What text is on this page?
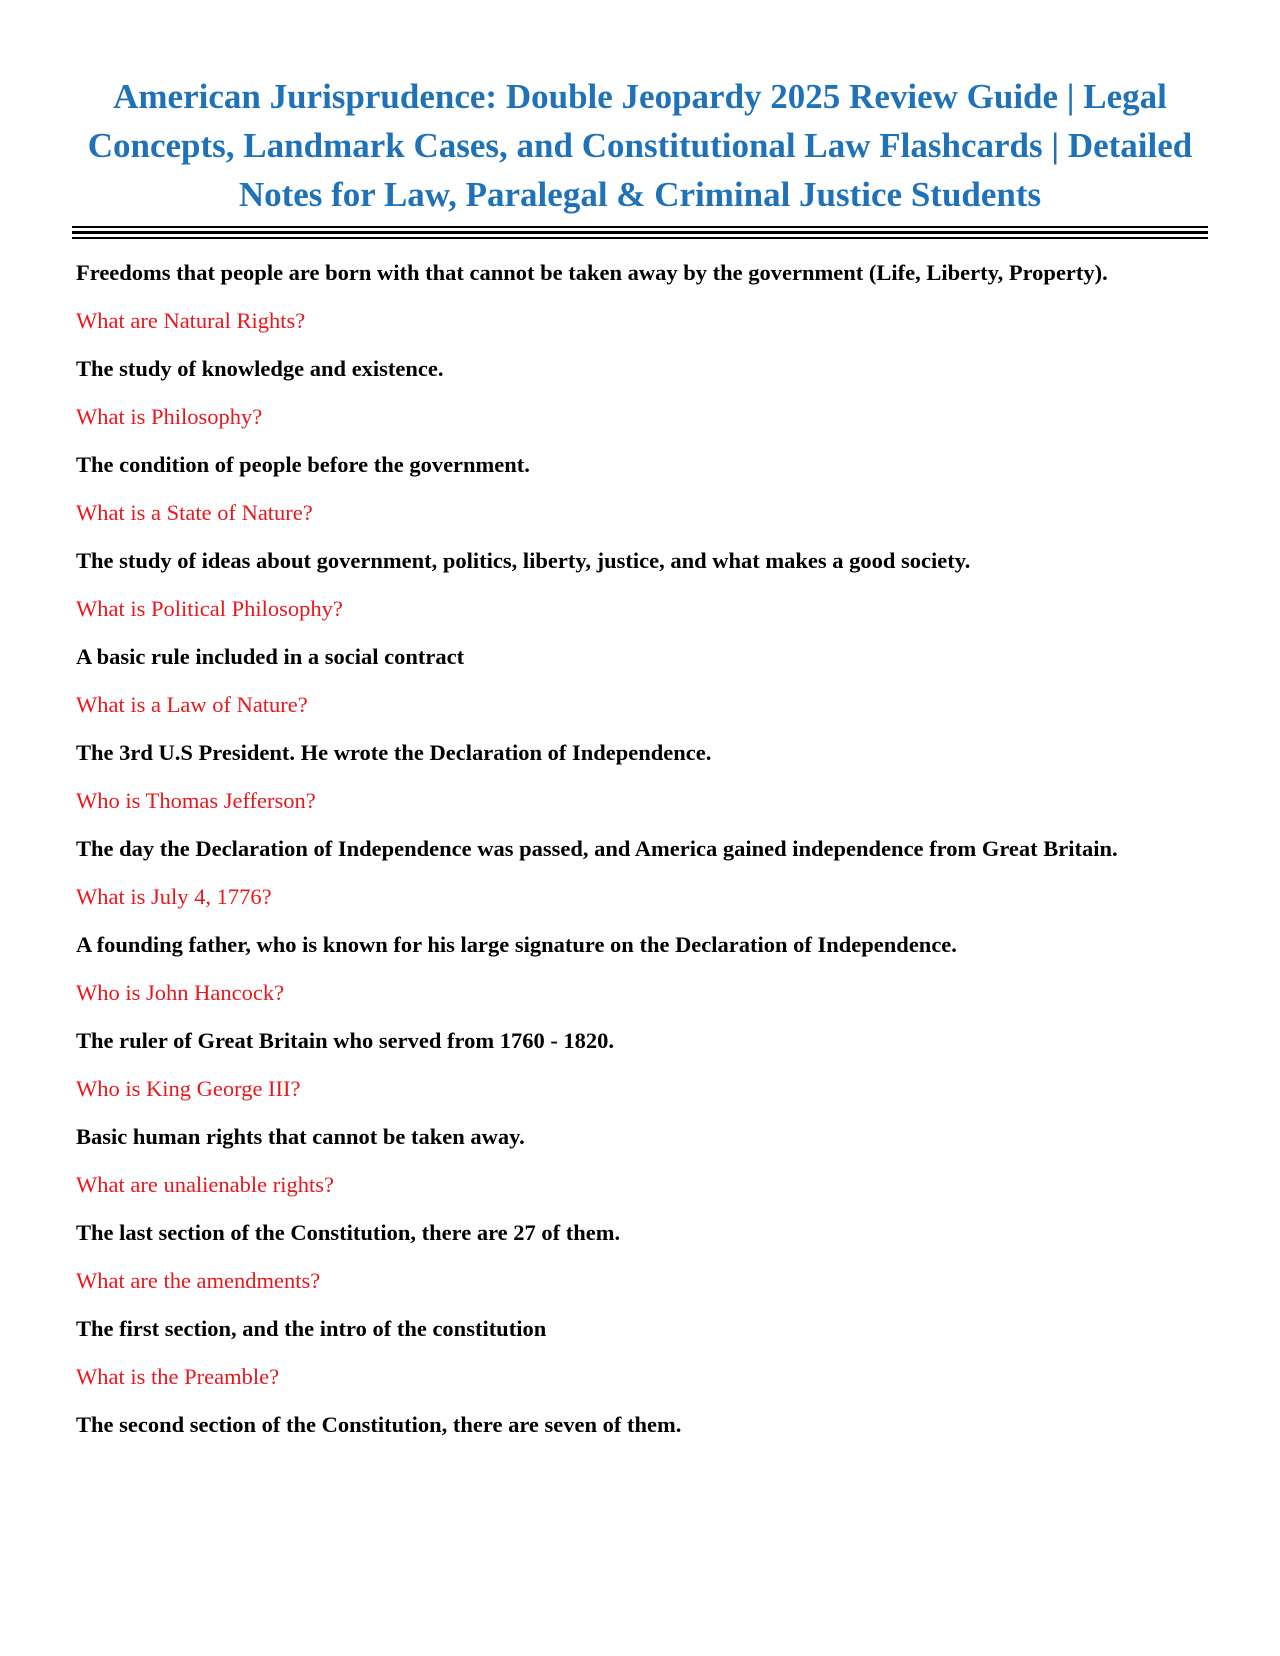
American Jurisprudence: Double Jeopardy 2025 Review Guide | Legal Concepts, Landmark Cases, and Constitutional Law Flashcards | Detailed Notes for Law, Paralegal & Criminal Justice Students

Freedoms that people are born with that cannot be taken away by the government (Life, Liberty, Property).

What are Natural Rights?

The study of knowledge and existence.

What is Philosophy?

The condition of people before the government.

What is a State of Nature?

The study of ideas about government, politics, liberty, justice, and what makes a good society.

What is Political Philosophy?

A basic rule included in a social contract

What is a Law of Nature?

The 3rd U.S President. He wrote the Declaration of Independence.

Who is Thomas Jefferson?

The day the Declaration of Independence was passed, and America gained independence from Great Britain.

What is July 4, 1776?

A founding father, who is known for his large signature on the Declaration of Independence.

Who is John Hancock?

The ruler of Great Britain who served from 1760 - 1820.

Who is King George III?

Basic human rights that cannot be taken away.

What are unalienable rights?

The last section of the Constitution, there are 27 of them.

What are the amendments?

The first section, and the intro of the constitution

What is the Preamble?

The second section of the Constitution, there are seven of them.
